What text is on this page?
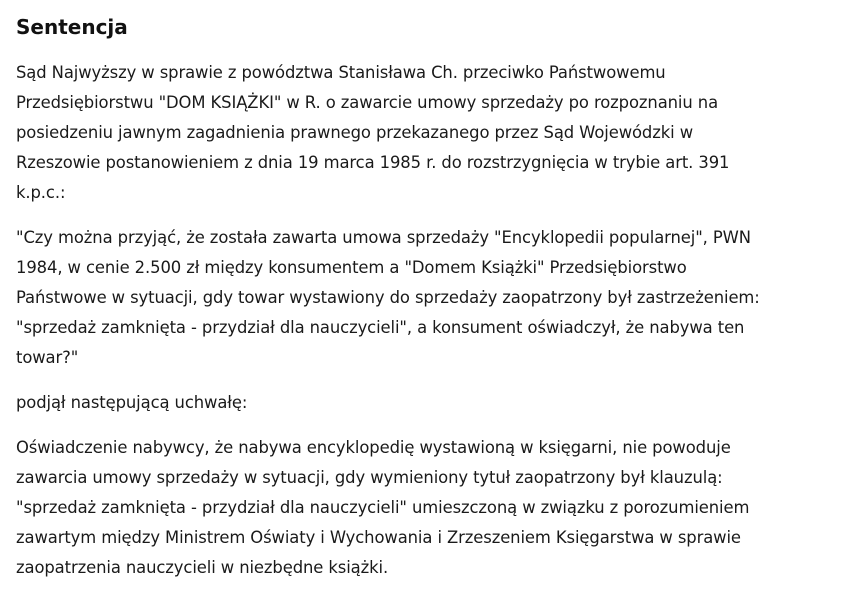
Sentencja

Sąd Najwyższy w sprawie z powództwa Stanisława Ch. przeciwko Państwowemu
Przedsiębiorstwu "DOM KSIĄŻKI" w R. o zawarcie umowy sprzedaży po rozpoznaniu na
posiedzeniu jawnym zagadnienia prawnego przekazanego przez Sąd Wojewódzki w
Rzeszowie postanowieniem z dnia 19 marca 1985 r. do rozstrzygnięcia w trybie art. 391
k.p.c.:

"Czy można przyjąć, że została zawarta umowa sprzedaży "Encyklopedii popularnej", PWN
1984, w cenie 2.500 zł między konsumentem a "Domem Książki" Przedsiębiorstwo
Państwowe w sytuacji, gdy towar wystawiony do sprzedaży zaopatrzony był zastrzeżeniem:
"sprzedaż zamknięta - przydział dla nauczycieli", a konsument oświadczył, że nabywa ten
towar?"

podjął następującą uchwałę:

Oświadczenie nabywcy, że nabywa encyklopedię wystawioną w księgarni, nie powoduje
zawarcia umowy sprzedaży w sytuacji, gdy wymieniony tytuł zaopatrzony był klauzulą:
"sprzedaż zamknięta - przydział dla nauczycieli" umieszczoną w związku z porozumieniem
zawartym między Ministrem Oświaty i Wychowania i Zrzeszeniem Księgarstwa w sprawie
zaopatrzenia nauczycieli w niezbędne książki.
